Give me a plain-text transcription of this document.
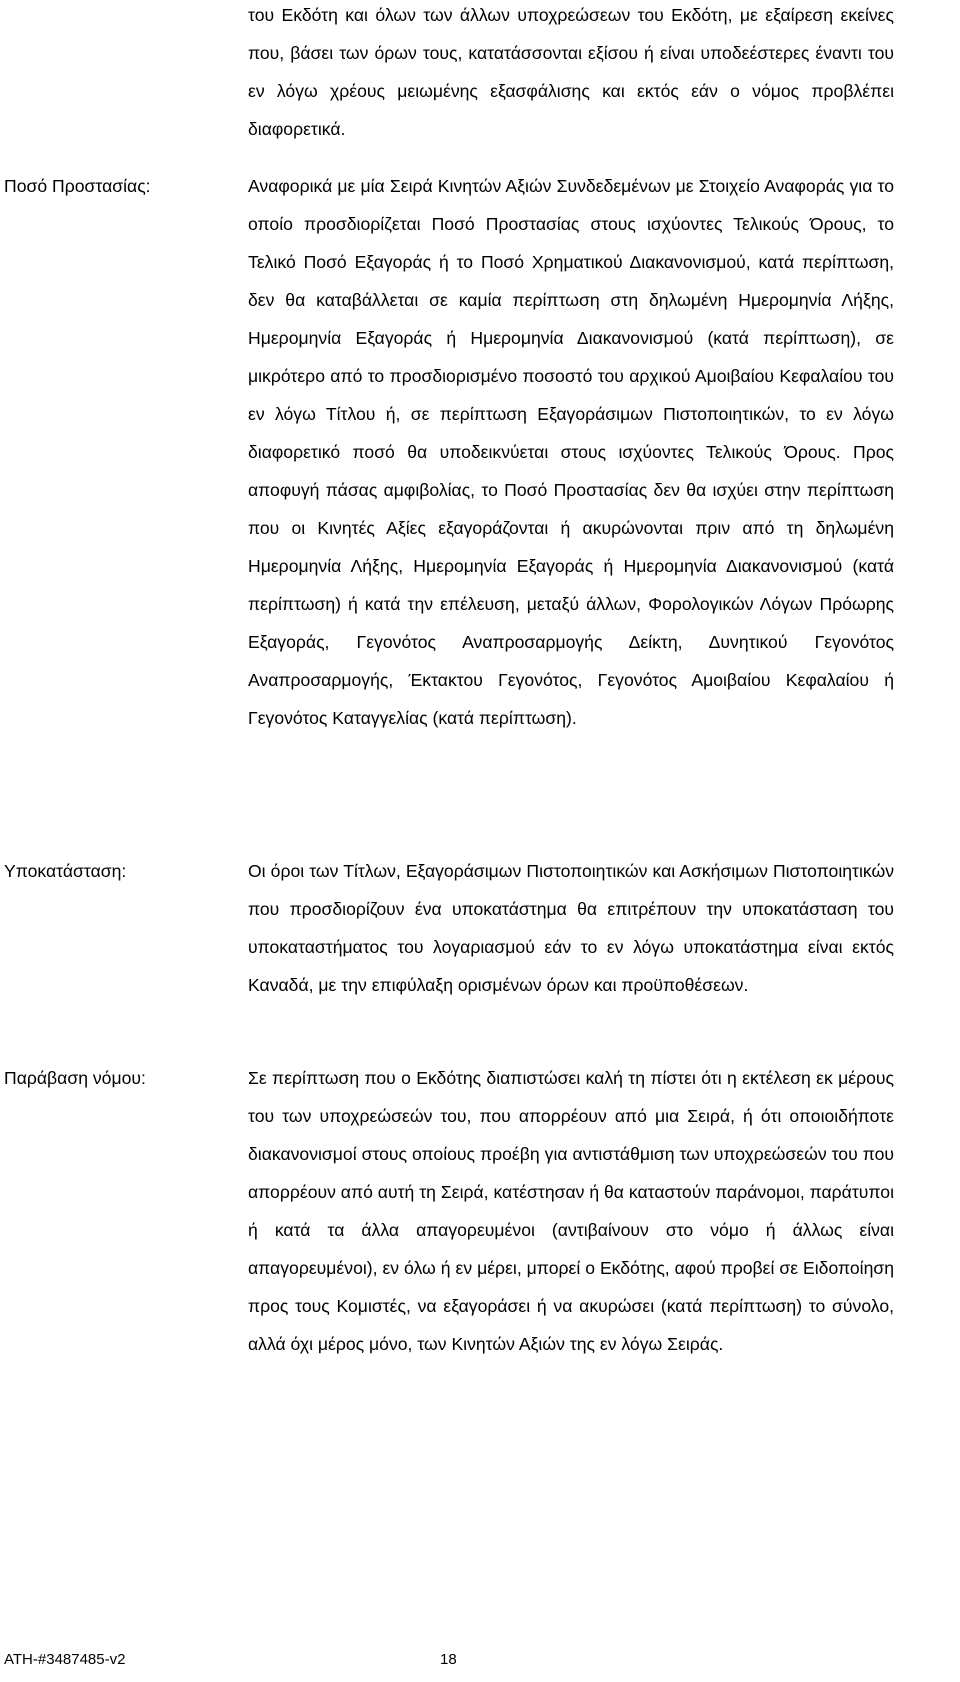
του Εκδότη και όλων των άλλων υποχρεώσεων του Εκδότη, με εξαίρεση εκείνες που, βάσει των όρων τους, κατατάσσονται εξίσου ή είναι υποδεέστερες έναντι του εν λόγω χρέους μειωμένης εξασφάλισης και εκτός εάν ο νόμος προβλέπει διαφορετικά.

Ποσό Προστασίας:	Αναφορικά με μία Σειρά Κινητών Αξιών Συνδεδεμένων με Στοιχείο Αναφοράς για το οποίο προσδιορίζεται Ποσό Προστασίας στους ισχύοντες Τελικούς Όρους, το Τελικό Ποσό Εξαγοράς ή το Ποσό Χρηματικού Διακανονισμού, κατά περίπτωση, δεν θα καταβάλλεται σε καμία περίπτωση στη δηλωμένη Ημερομηνία Λήξης, Ημερομηνία Εξαγοράς ή Ημερομηνία Διακανονισμού (κατά περίπτωση), σε μικρότερο από το προσδιορισμένο ποσοστό του αρχικού Αμοιβαίου Κεφαλαίου του εν λόγω Τίτλου ή, σε περίπτωση Εξαγοράσιμων Πιστοποιητικών, το εν λόγω διαφορετικό ποσό θα υποδεικνύεται στους ισχύοντες Τελικούς Όρους. Προς αποφυγή πάσας αμφιβολίας, το Ποσό Προστασίας δεν θα ισχύει στην περίπτωση που οι Κινητές Αξίες εξαγοράζονται ή ακυρώνονται πριν από τη δηλωμένη Ημερομηνία Λήξης, Ημερομηνία Εξαγοράς ή Ημερομηνία Διακανονισμού (κατά περίπτωση) ή κατά την επέλευση, μεταξύ άλλων, Φορολογικών Λόγων Πρόωρης Εξαγοράς, Γεγονότος Αναπροσαρμογής Δείκτη, Δυνητικού Γεγονότος Αναπροσαρμογής, Έκτακτου Γεγονότος, Γεγονότος Αμοιβαίου Κεφαλαίου ή Γεγονότος Καταγγελίας (κατά περίπτωση).

Υποκατάσταση:	Οι όροι των Τίτλων, Εξαγοράσιμων Πιστοποιητικών και Ασκήσιμων Πιστοποιητικών που προσδιορίζουν ένα υποκατάστημα θα επιτρέπουν την υποκατάσταση του υποκαταστήματος του λογαριασμού εάν το εν λόγω υποκατάστημα είναι εκτός Καναδά, με την επιφύλαξη ορισμένων όρων και προϋποθέσεων.

Παράβαση νόμου:	Σε περίπτωση που ο Εκδότης διαπιστώσει καλή τη πίστει ότι η εκτέλεση εκ μέρους του των υποχρεώσεών του, που απορρέουν από μια Σειρά, ή ότι οποιοιδήποτε διακανονισμοί στους οποίους προέβη για αντιστάθμιση των υποχρεώσεών του που απορρέουν από αυτή τη Σειρά, κατέστησαν ή θα καταστούν παράνομοι, παράτυποι ή κατά τα άλλα απαγορευμένοι (αντιβαίνουν στο νόμο ή άλλως είναι απαγορευμένοι), εν όλω ή εν μέρει, μπορεί ο Εκδότης, αφού προβεί σε Ειδοποίηση προς τους Κομιστές, να εξαγοράσει ή να ακυρώσει (κατά περίπτωση) το σύνολο, αλλά όχι μέρος μόνο, των Κινητών Αξιών της εν λόγω Σειράς.

ATH-#3487485-v2	18
